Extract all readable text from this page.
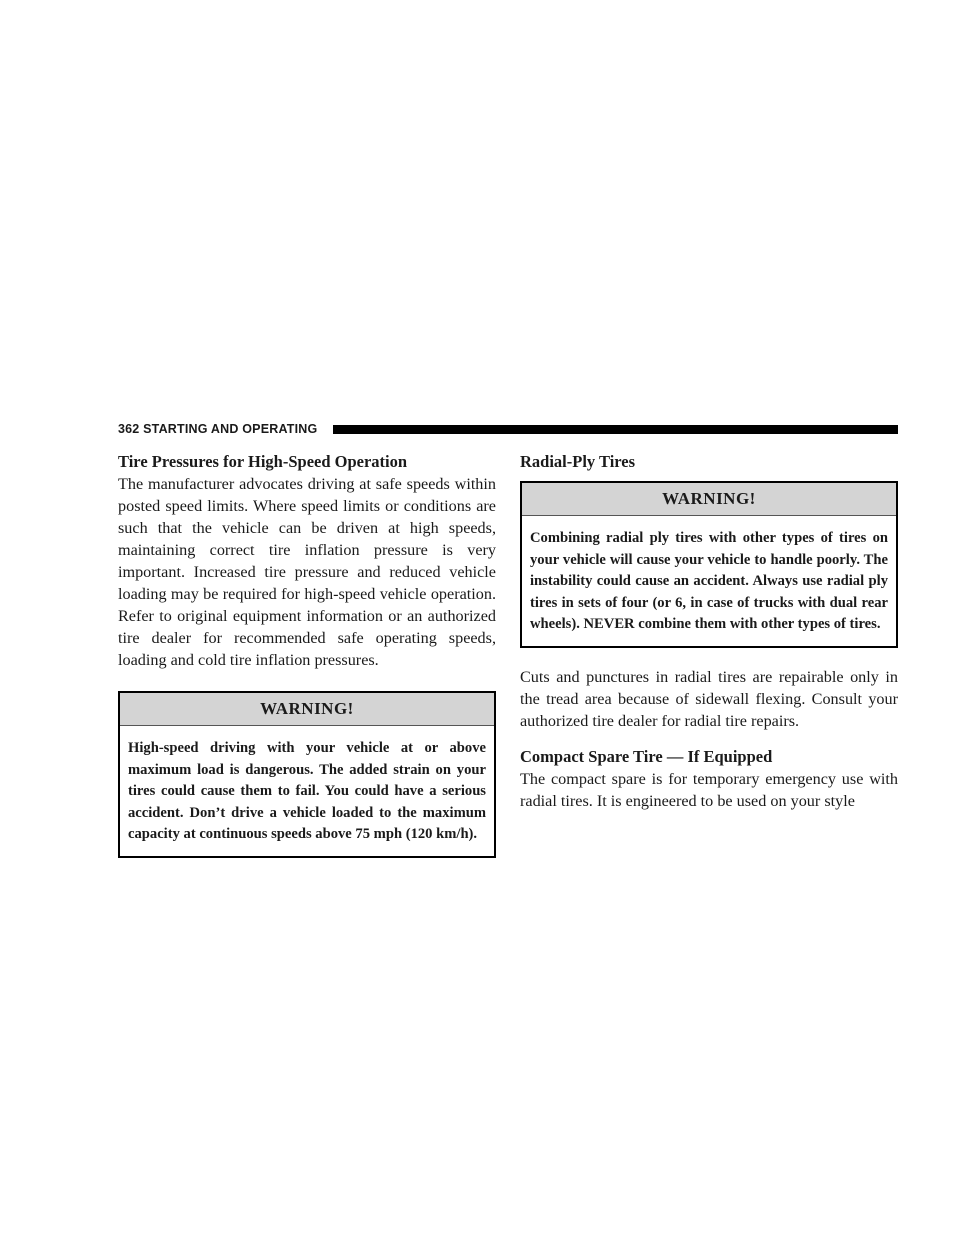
362 STARTING AND OPERATING
Tire Pressures for High-Speed Operation

The manufacturer advocates driving at safe speeds within posted speed limits. Where speed limits or conditions are such that the vehicle can be driven at high speeds, maintaining correct tire inflation pressure is very important. Increased tire pressure and reduced vehicle loading may be required for high-speed vehicle operation. Refer to original equipment information or an authorized tire dealer for recommended safe operating speeds, loading and cold tire inflation pressures.

WARNING!
High-speed driving with your vehicle at or above maximum load is dangerous. The added strain on your tires could cause them to fail. You could have a serious accident. Don’t drive a vehicle loaded to the maximum capacity at continuous speeds above 75 mph (120 km/h).
Radial-Ply Tires
WARNING!
Combining radial ply tires with other types of tires on your vehicle will cause your vehicle to handle poorly. The instability could cause an accident. Always use radial ply tires in sets of four (or 6, in case of trucks with dual rear wheels). NEVER combine them with other types of tires.

Cuts and punctures in radial tires are repairable only in the tread area because of sidewall flexing. Consult your authorized tire dealer for radial tire repairs.

Compact Spare Tire — If Equipped

The compact spare is for temporary emergency use with radial tires. It is engineered to be used on your style
